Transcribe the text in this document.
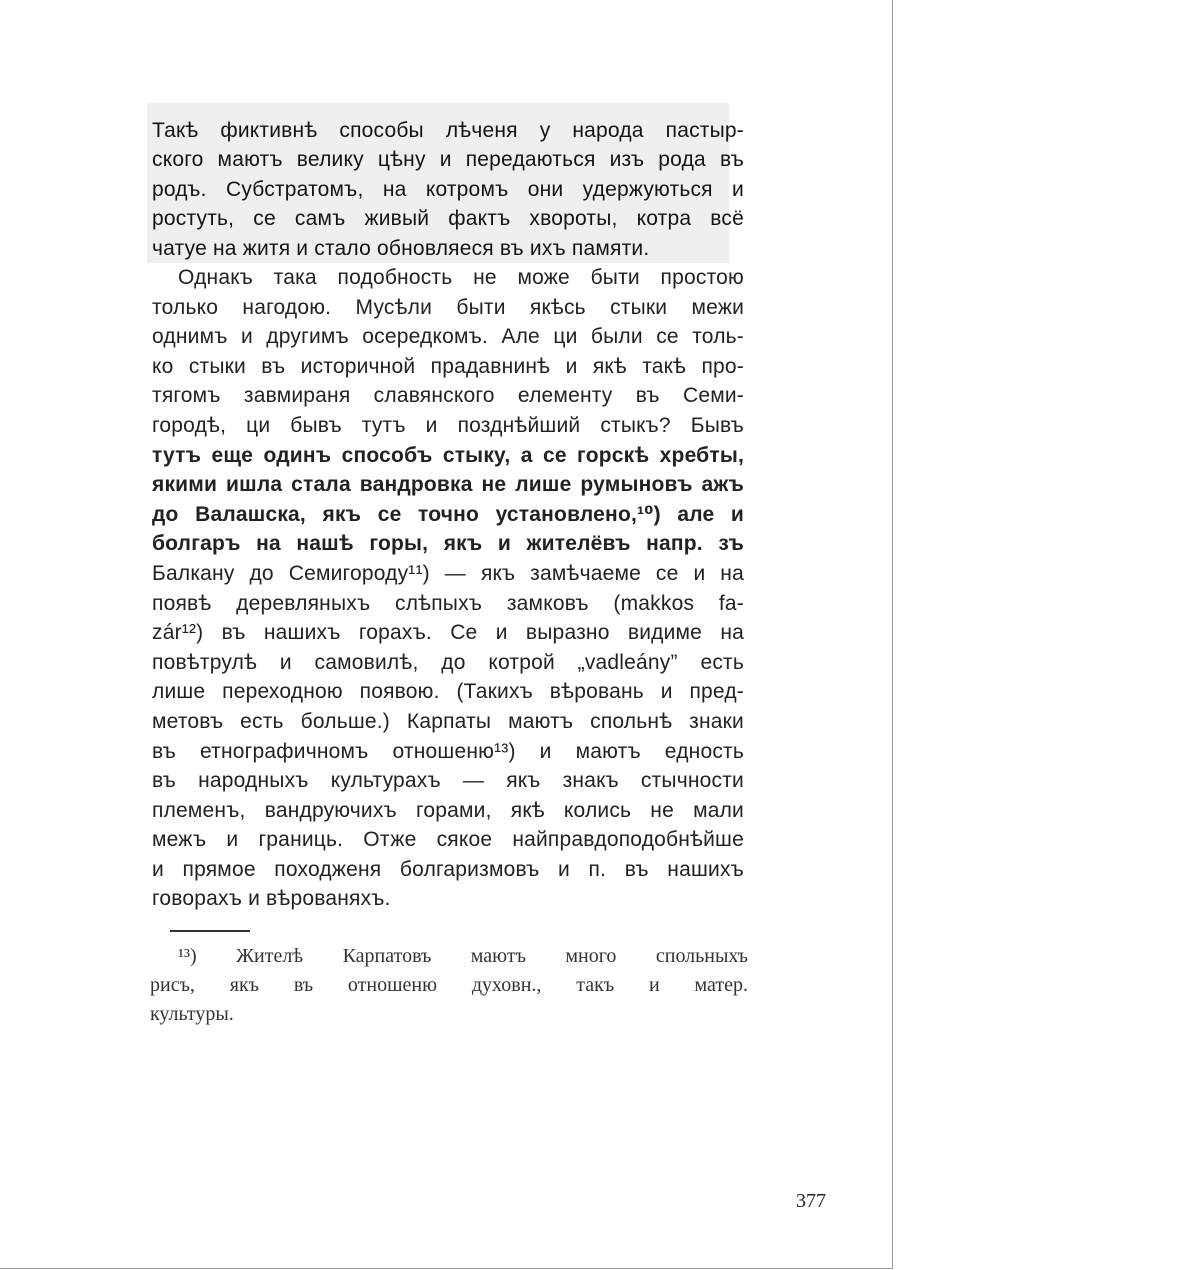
Такѣ фиктивнѣ способы лѣченя у народа пастыр-
ского маютъ велику цѣну и передаються изъ рода въ
родъ. Субстратомъ, на котромъ они удержуються и
ростуть, се самъ живый фактъ хвороты, котра всё
чатуе на житя и стало обновляеся въ ихъ памяти.
Однакъ така подобность не може быти простою
только нагодою. Мусѣли быти якѣсь стыки межи
однимъ и другимъ осередкомъ. Але ци были се толь-
ко стыки въ историчной прадавнинѣ и якѣ такѣ про-
тягомъ завмираня славянского елементу въ Семи-
городѣ, ци бывъ тутъ и позднѣйший стыкъ? Бывъ
тутъ еще одинъ способъ стыку, а се горскѣ хребты,
якими ишла стала вандровка не лише румыновъ ажъ
до Валашска, якъ се точно установлено,¹⁰) але и
болгаръ на нашѣ горы, якъ и жителёвъ напр. зъ
Балкану до Семигороду¹¹) — якъ замѣчаеме се и на
появѣ деревляныхъ слѣпыхъ замковъ (makkos fa-
zár¹²) въ нашихъ горахъ. Се и выразно видиме на
повѣтрулѣ и самовилѣ, до котрой „vadleány” есть
лише переходною появою. (Такихъ вѣровань и пред-
метовъ есть больше.) Карпаты маютъ спольнѣ знаки
въ етнографичномъ отношеню¹³) и маютъ едность
въ народныхъ культурахъ — якъ знакъ стычности
племенъ, вандруючихъ горами, якѣ колись не мали
межъ и границь. Отже сякое найправдоподобнѣйше
и прямое походженя болгаризмовъ и п. въ нашихъ
говорахъ и вѣрованяхъ.
¹³) Жителѣ Карпатовъ маютъ много спольныхъ
рисъ, якъ въ отношеню духовн., такъ и матер.
культуры.
377
